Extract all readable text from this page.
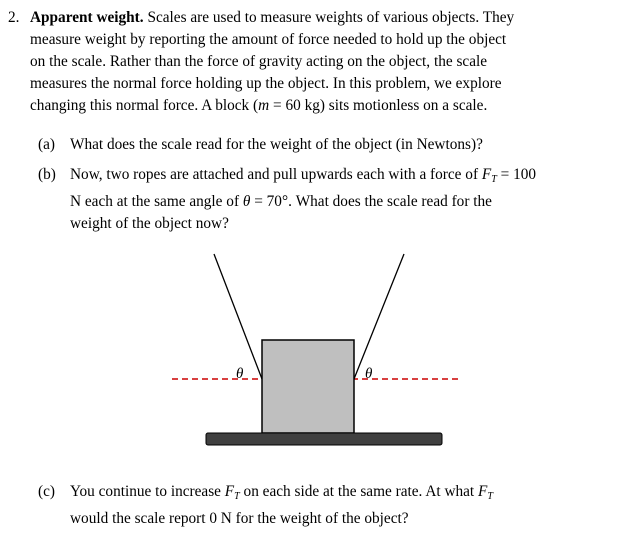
2. Apparent weight. Scales are used to measure weights of various objects. They
measure weight by reporting the amount of force needed to hold up the object
on the scale. Rather than the force of gravity acting on the object, the scale
measures the normal force holding up the object. In this problem, we explore
changing this normal force. A block (m = 60 kg) sits motionless on a scale.
(a) What does the scale read for the weight of the object (in Newtons)?
(b) Now, two ropes are attached and pull upwards each with a force of $F_T = 100$
N each at the same angle of θ = 70°. What does the scale read for the
weight of the object now?
θ	θ
(c) You continue to increase $F_T$ on each side at the same rate. At what $F_T$
would the scale report 0 N for the weight of the object?
